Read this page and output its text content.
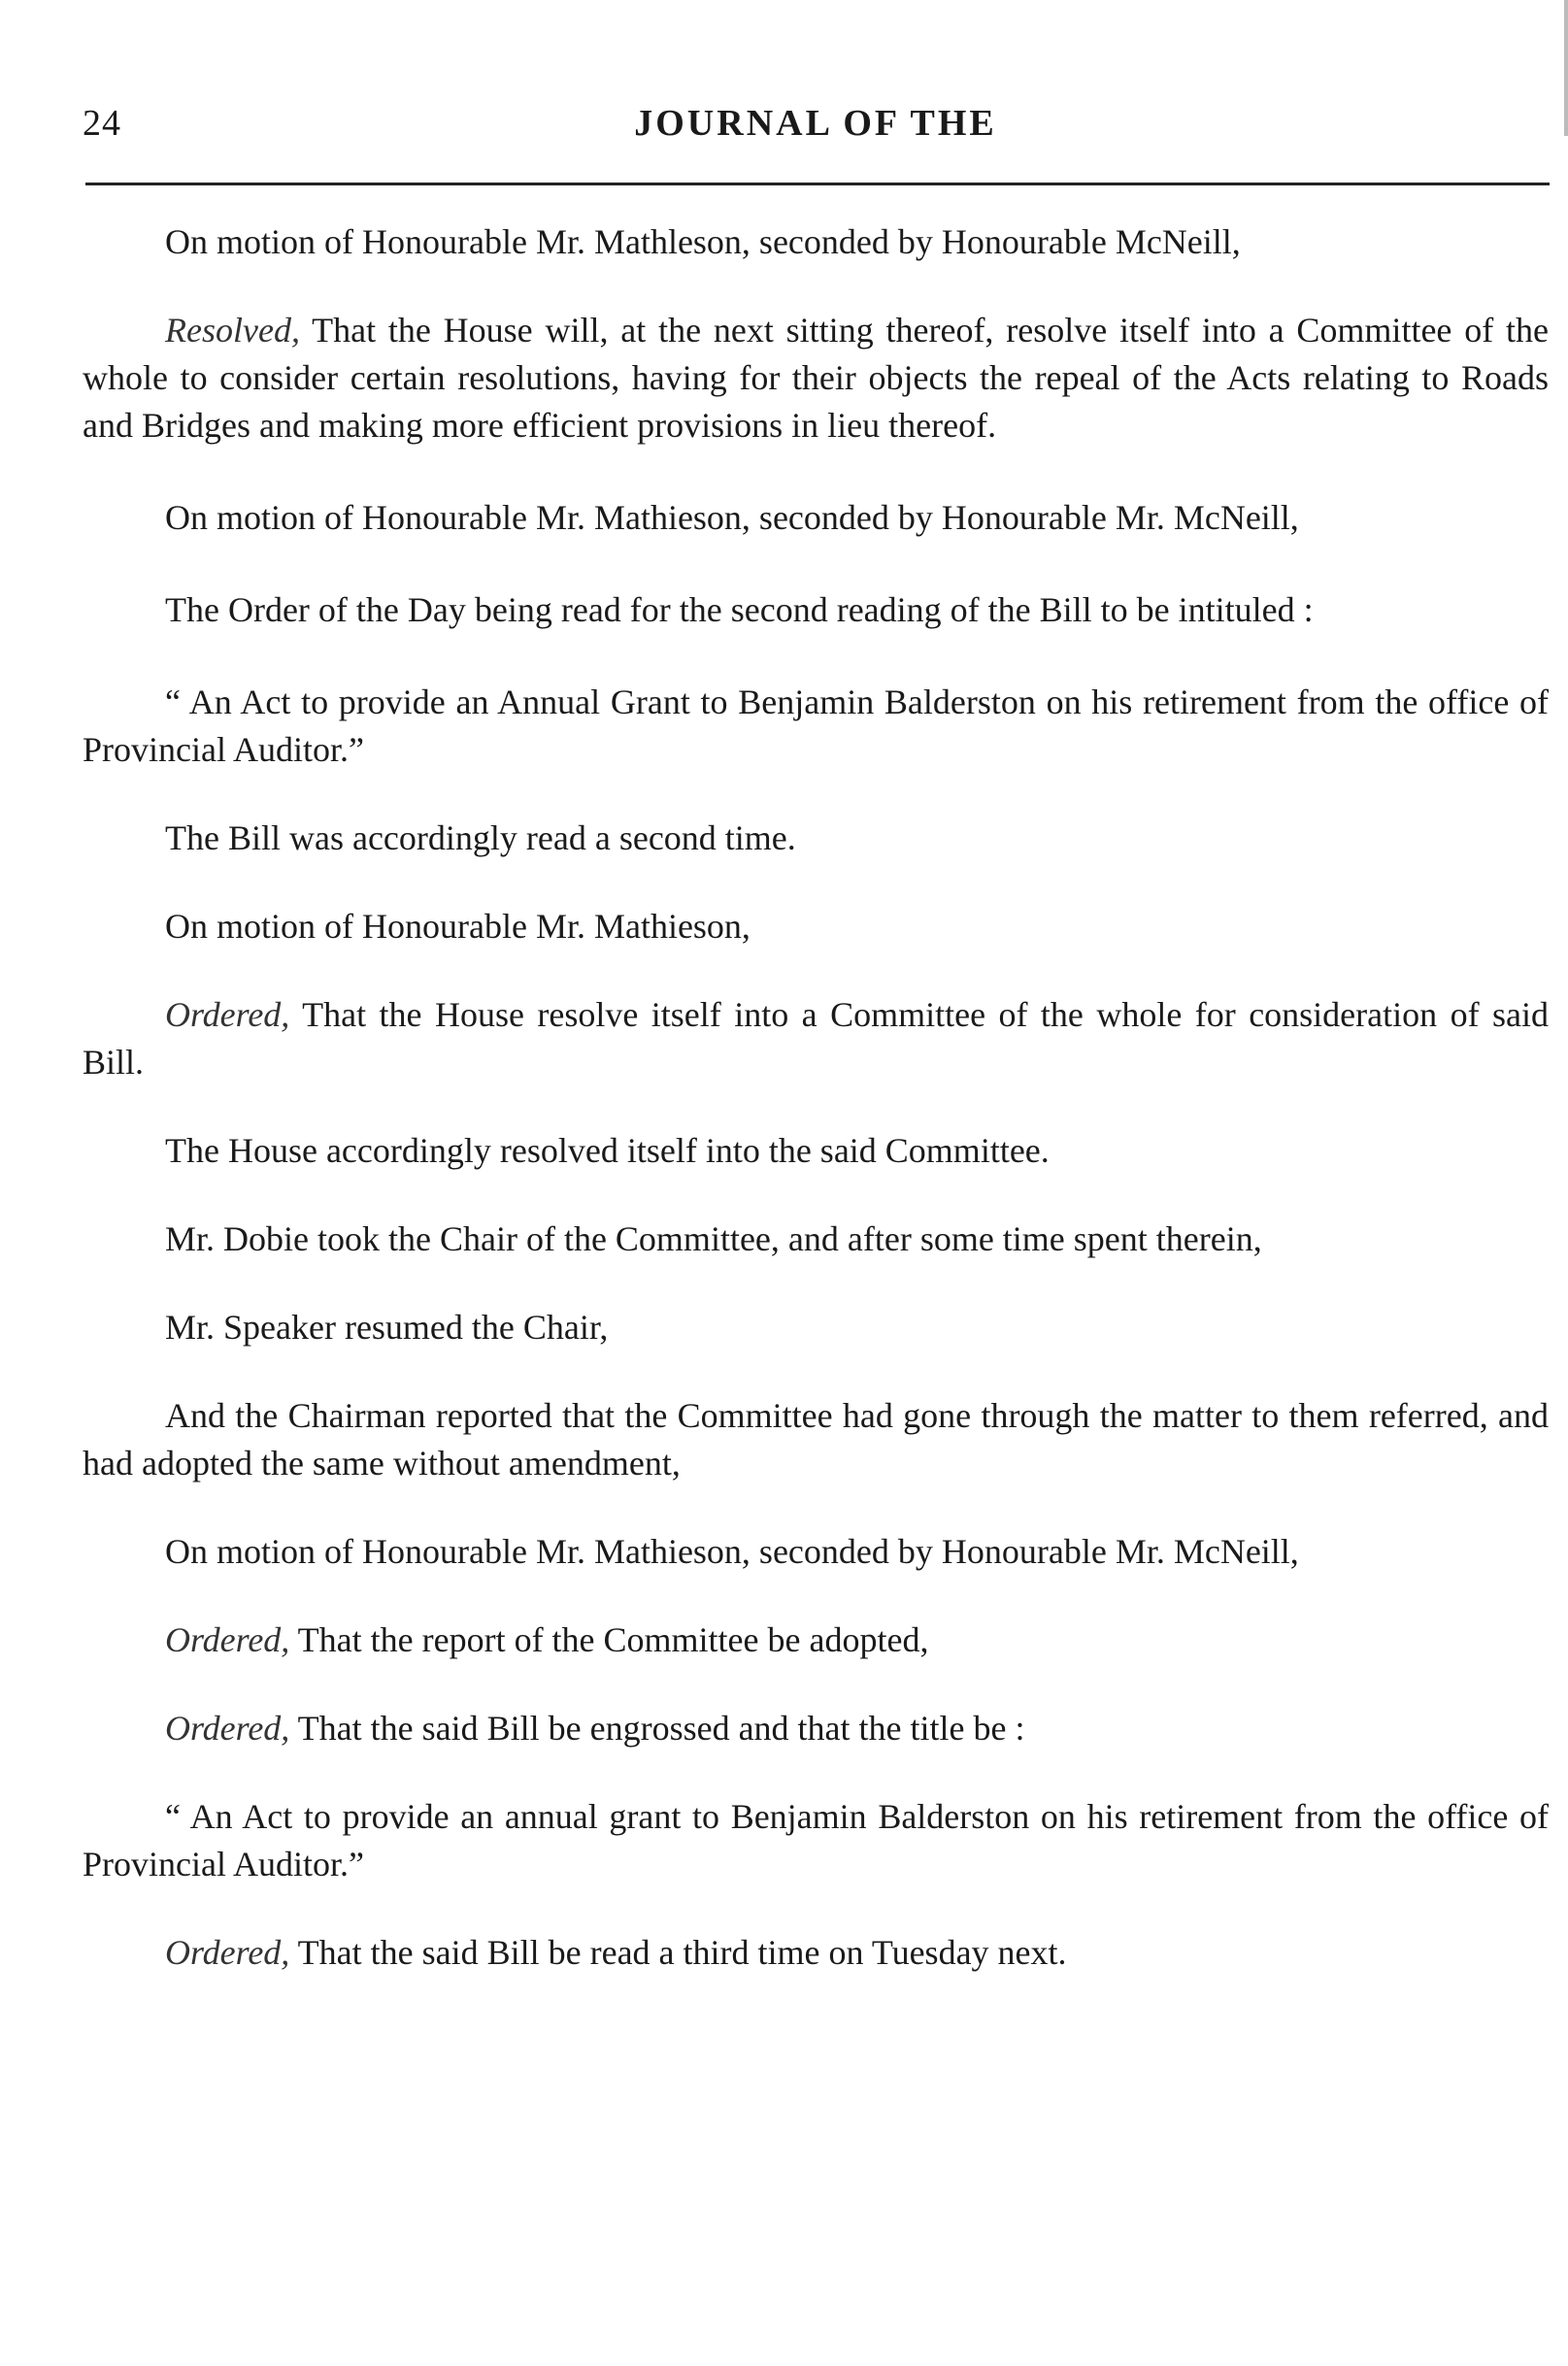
24	JOURNAL OF THE

On motion of Honourable Mr. Mathleson, seconded by Honourable McNeill,

Resolved, That the House will, at the next sitting thereof, resolve itself into a Committee of the whole to consider certain resolutions, having for their objects the repeal of the Acts relating to Roads and Bridges and making more efficient provisions in lieu thereof.

On motion of Honourable Mr. Mathieson, seconded by Honourable Mr. McNeill,

The Order of the Day being read for the second reading of the Bill to be intituled :

“ An Act to provide an Annual Grant to Benjamin Balderston on his retirement from the office of Provincial Auditor.”

The Bill was accordingly read a second time.

On motion of Honourable Mr. Mathieson,

Ordered, That the House resolve itself into a Committee of the whole for consideration of said Bill.

The House accordingly resolved itself into the said Committee.

Mr. Dobie took the Chair of the Committee, and after some time spent therein,

Mr. Speaker resumed the Chair,

And the Chairman reported that the Committee had gone through the matter to them referred, and had adopted the same without amendment,

On motion of Honourable Mr. Mathieson, seconded by Honourable Mr. McNeill,

Ordered, That the report of the Committee be adopted,

Ordered, That the said Bill be engrossed and that the title be :

“ An Act to provide an annual grant to Benjamin Balderston on his retirement from the office of Provincial Auditor.”

Ordered, That the said Bill be read a third time on Tuesday next.
